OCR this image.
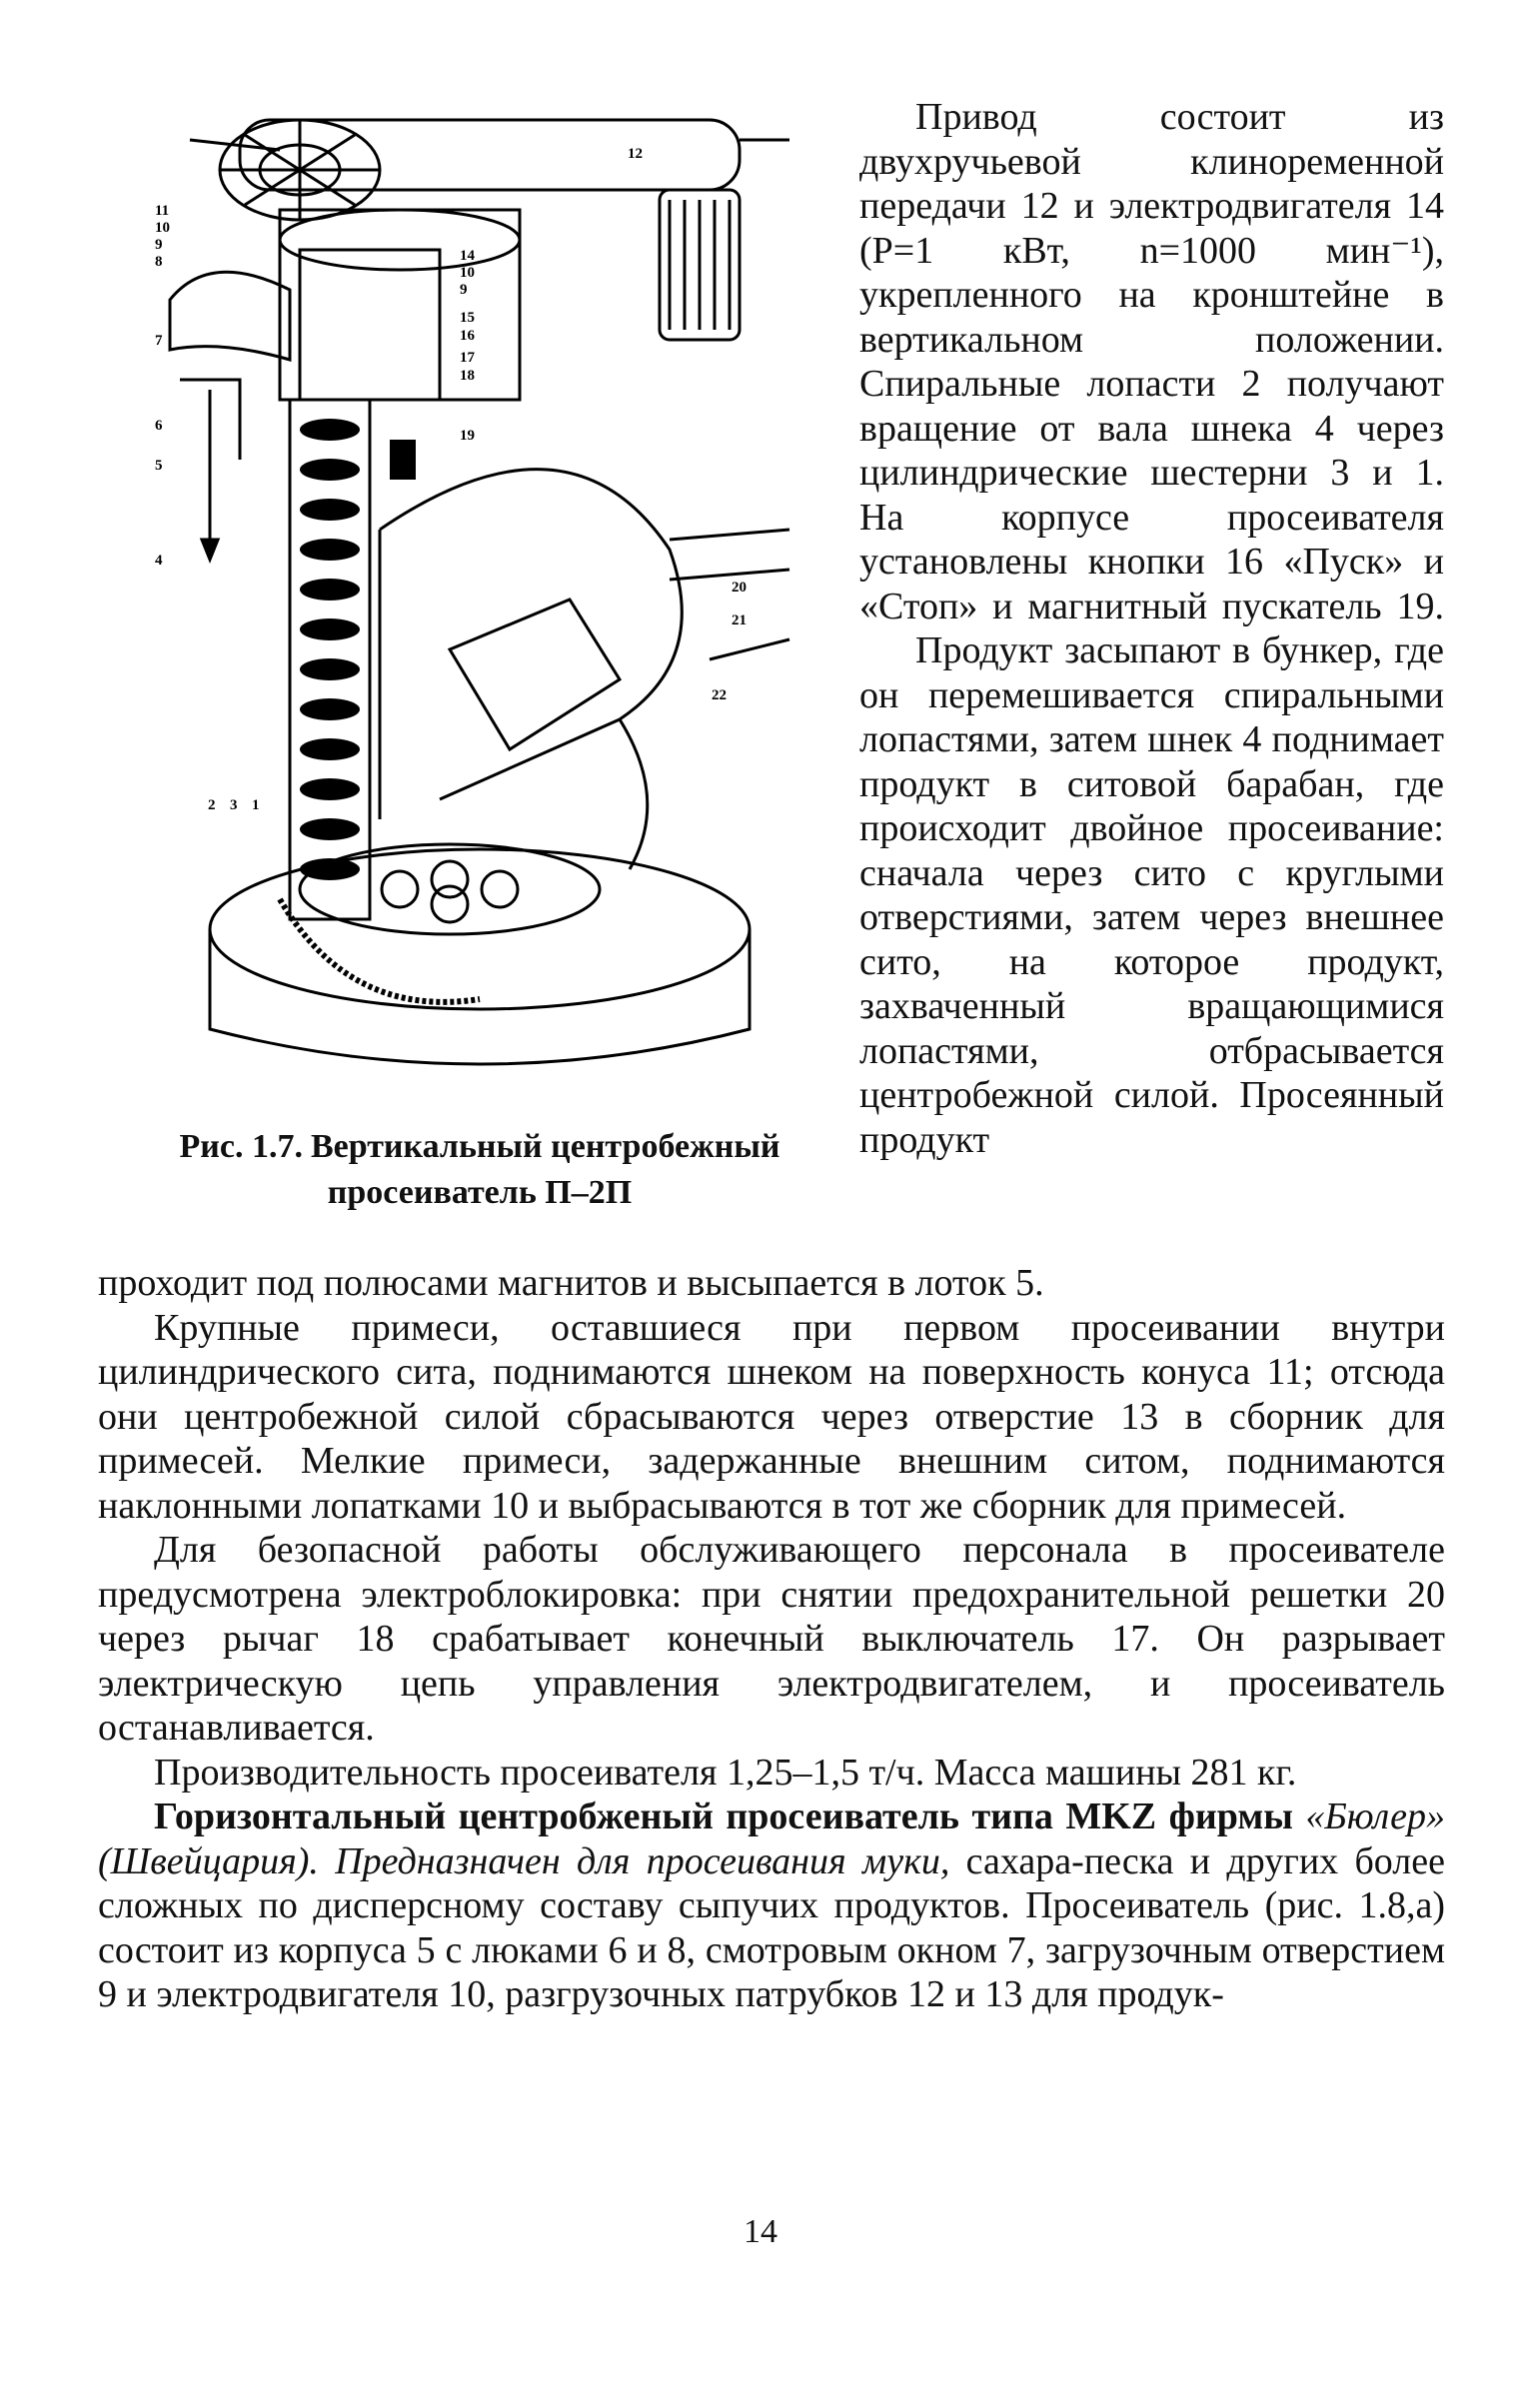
12
11
10
9
8	14
10
9
15
16
17
18
7
6
19
5
4
20
21
22
2 3 1
Рис. 1.7. Вертикальный центробежный просеиватель П–2П

Привод состоит из двухручьевой клиноременной передачи 12 и электродвигателя 14 (Р=1 кВт, n=1000 мин⁻¹), укрепленного на кронштейне в вертикальном положении. Спиральные лопасти 2 получают вращение от вала шнека 4 через цилиндрические шестерни 3 и 1. На корпусе просеивателя установлены кнопки 16 «Пуск» и «Стоп» и магнитный пускатель 19.

Продукт засыпают в бункер, где он перемешивается спиральными лопастями, затем шнек 4 поднимает продукт в ситовой барабан, где происходит двойное просеивание: сначала через сито с круглыми отверстиями, затем через внешнее сито, на которое продукт, захваченный вращающимися лопастями, отбрасывается центробежной силой. Просеянный продукт

проходит под полюсами магнитов и высыпается в лоток 5.

Крупные примеси, оставшиеся при первом просеивании внутри цилиндрического сита, поднимаются шнеком на поверхность конуса 11; отсюда они центробежной силой сбрасываются через отверстие 13 в сборник для примесей. Мелкие примеси, задержанные внешним ситом, поднимаются наклонными лопатками 10 и выбрасываются в тот же сборник для примесей.

Для безопасной работы обслуживающего персонала в просеивателе предусмотрена электроблокировка: при снятии предохранительной решетки 20 через рычаг 18 срабатывает конечный выключатель 17. Он разрывает электрическую цепь управления электродвигателем, и просеиватель останавливается.

Производительность просеивателя 1,25–1,5 т/ч. Масса машины 281 кг.

Горизонтальный центробженый просеиватель типа MKZ фирмы «Бюлер» (Швейцария). Предназначен для просеивания муки, сахара-песка и других более сложных по дисперсному составу сыпучих продуктов. Просеиватель (рис. 1.8,а) состоит из корпуса 5 с люками 6 и 8, смотровым окном 7, загрузочным отверстием 9 и электродвигателя 10, разгрузочных патрубков 12 и 13 для продук-

14
